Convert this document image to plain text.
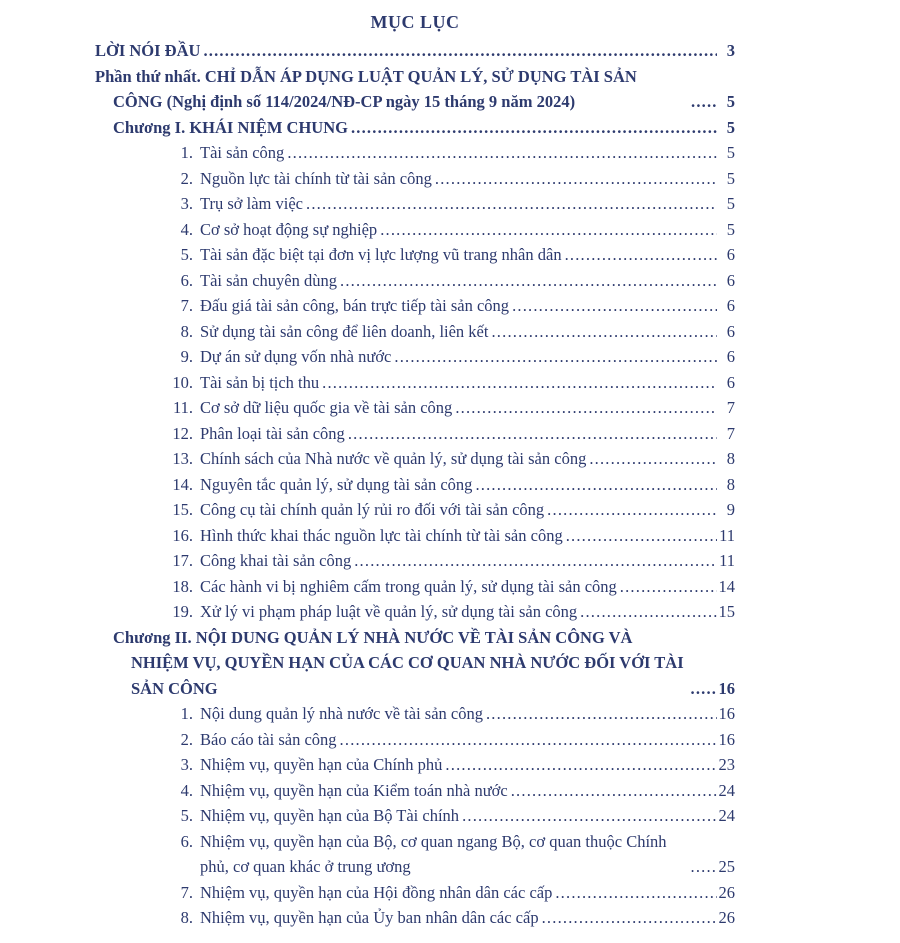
MỤC LỤC
LỜI NÓI ĐẦU .....	3
Phần thứ nhất. CHỈ DẪN ÁP DỤNG LUẬT QUẢN LÝ, SỬ DỤNG TÀI SẢN CÔNG (Nghị định số 114/2024/NĐ-CP ngày 15 tháng 9 năm 2024) .....	5
Chương I. KHÁI NIỆM CHUNG .....	5
1. Tài sản công .....	5
2. Nguồn lực tài chính từ tài sản công .....	5
3. Trụ sở làm việc .....	5
4. Cơ sở hoạt động sự nghiệp .....	5
5. Tài sản đặc biệt tại đơn vị lực lượng vũ trang nhân dân .....	6
6. Tài sản chuyên dùng .....	6
7. Đấu giá tài sản công, bán trực tiếp tài sản công .....	6
8. Sử dụng tài sản công để liên doanh, liên kết .....	6
9. Dự án sử dụng vốn nhà nước .....	6
10. Tài sản bị tịch thu .....	6
11. Cơ sở dữ liệu quốc gia về tài sản công .....	7
12. Phân loại tài sản công .....	7
13. Chính sách của Nhà nước về quản lý, sử dụng tài sản công .....	8
14. Nguyên tắc quản lý, sử dụng tài sản công .....	8
15. Công cụ tài chính quản lý rủi ro đối với tài sản công .....	9
16. Hình thức khai thác nguồn lực tài chính từ tài sản công .....	11
17. Công khai tài sản công .....	11
18. Các hành vi bị nghiêm cấm trong quản lý, sử dụng tài sản công .....	14
19. Xử lý vi phạm pháp luật về quản lý, sử dụng tài sản công .....	15
Chương II. NỘI DUNG QUẢN LÝ NHÀ NƯỚC VỀ TÀI SẢN CÔNG VÀ NHIỆM VỤ, QUYỀN HẠN CỦA CÁC CƠ QUAN NHÀ NƯỚC ĐỐI VỚI TÀI SẢN CÔNG .....	16
1. Nội dung quản lý nhà nước về tài sản công .....	16
2. Báo cáo tài sản công .....	16
3. Nhiệm vụ, quyền hạn của Chính phủ .....	23
4. Nhiệm vụ, quyền hạn của Kiểm toán nhà nước .....	24
5. Nhiệm vụ, quyền hạn của Bộ Tài chính .....	24
6. Nhiệm vụ, quyền hạn của Bộ, cơ quan ngang Bộ, cơ quan thuộc Chính phủ, cơ quan khác ở trung ương .....	25
7. Nhiệm vụ, quyền hạn của Hội đồng nhân dân các cấp .....	26
8. Nhiệm vụ, quyền hạn của Ủy ban nhân dân các cấp .....	26
